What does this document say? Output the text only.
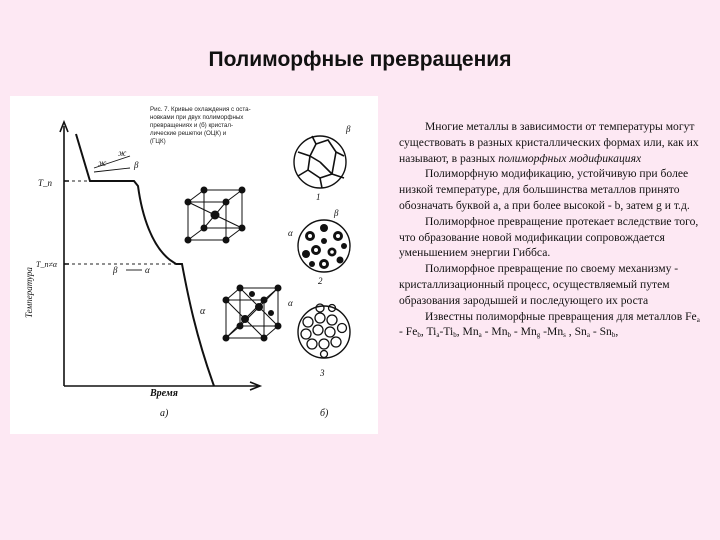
Полиморфные превращения
Рис. 7. Кривые охлаждения с оста-
новками при двух полиморфных
превращениях и (б) кристал-
лические решетки (ОЦК) и
(ГЦК)
Температура
Время
T_п
T_п≠α
а)	б)
ж
ж	β
β	α
α
β
1
α
β
2
α
3

Многие металлы в зависимости от температуры могут существовать в разных кристаллических формах или, как их называют, в разных полиморфных модификациях

Полиморфную модификацию, устойчивую при более низкой температуре, для большинства металлов принято обозначать буквой а, а при более высокой - b, затем g и т.д.

Полиморфное превращение протекает вследствие того, что образование новой модификации сопровождается уменьшением энергии Гиббса.

Полиморфное превращение по своему механизму - кристаллизационный процесс, осуществляемый путем образования зародышей и последующего их роста

Известны полиморфные превращения для металлов $Fe_a - Fe_b$, $Ti_a-Ti_b$, $Mn_a - Mn_b - Mn_g$ $-Mn_s$ , $Sn_a - Sn_b$,
